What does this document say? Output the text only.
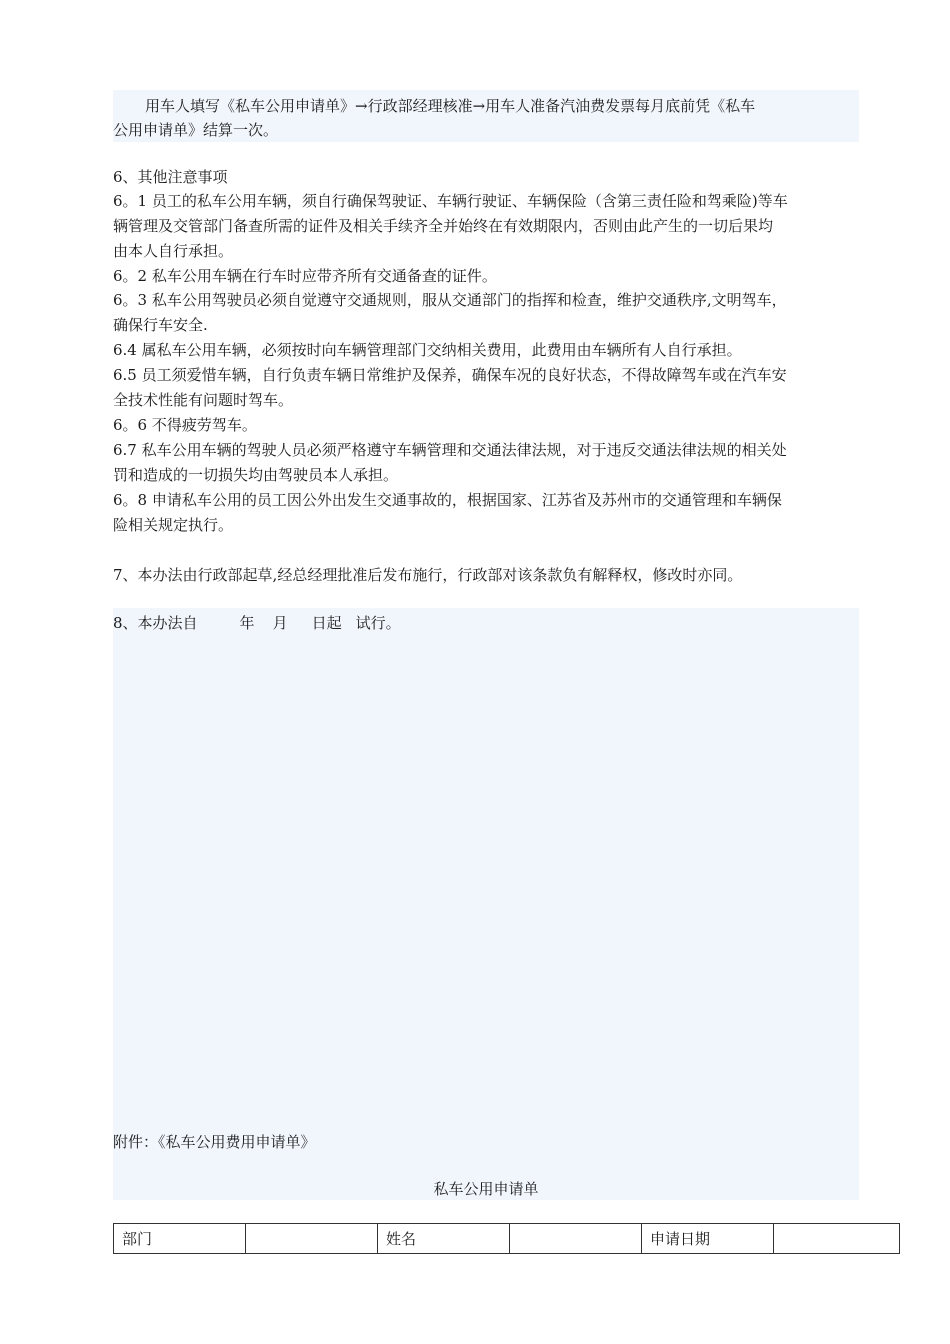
用车人填写《私车公用申请单》→行政部经理核准→用车人准备汽油费发票每月底前凭《私车
公用申请单》结算一次。
6、其他注意事项
6。1 员工的私车公用车辆，须自行确保驾驶证、车辆行驶证、车辆保险（含第三责任险和驾乘险)等车
辆管理及交管部门备查所需的证件及相关手续齐全并始终在有效期限内，否则由此产生的一切后果均
由本人自行承担。
6。2 私车公用车辆在行车时应带齐所有交通备查的证件。
6。3 私车公用驾驶员必须自觉遵守交通规则，服从交通部门的指挥和检查，维护交通秩序,文明驾车，
确保行车安全.
6.4 属私车公用车辆，必须按时向车辆管理部门交纳相关费用，此费用由车辆所有人自行承担。
6.5 员工须爱惜车辆，自行负责车辆日常维护及保养，确保车况的良好状态，不得故障驾车或在汽车安
全技术性能有问题时驾车。
6。6 不得疲劳驾车。
6.7 私车公用车辆的驾驶人员必须严格遵守车辆管理和交通法律法规，对于违反交通法律法规的相关处
罚和造成的一切损失均由驾驶员本人承担。
6。8 申请私车公用的员工因公外出发生交通事故的，根据国家、江苏省及苏州市的交通管理和车辆保
险相关规定执行。
7、本办法由行政部起草,经总经理批准后发布施行，行政部对该条款负有解释权，修改时亦同。
8、本办法自	年 月 日起 试行。
附件：《私车公用费用申请单》
私车公用申请单
部门		姓名		申请日期	
